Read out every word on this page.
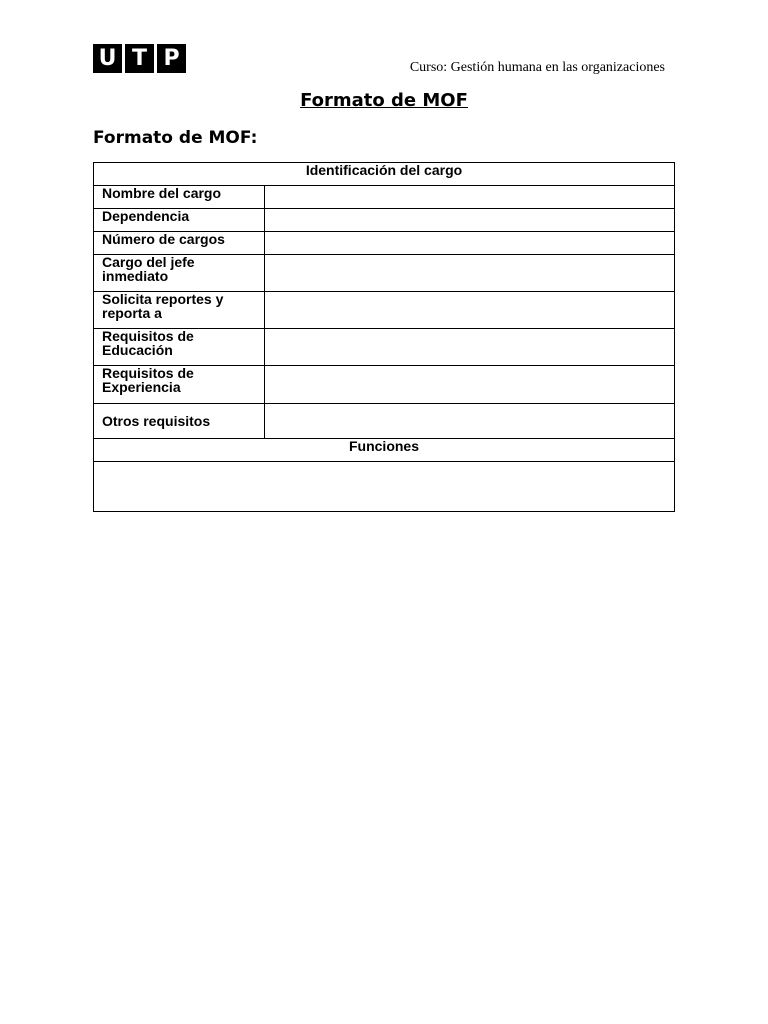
U T P	Curso: Gestión humana en las organizaciones
Formato de MOF
Formato de MOF:
Identificación del cargo	
Nombre del cargo	
Dependencia	
Número de cargos	
Cargo del jefe inmediato	
Solicita reportes y reporta a	
Requisitos de Educación	
Requisitos de Experiencia	
Otros requisitos	
Funciones	
